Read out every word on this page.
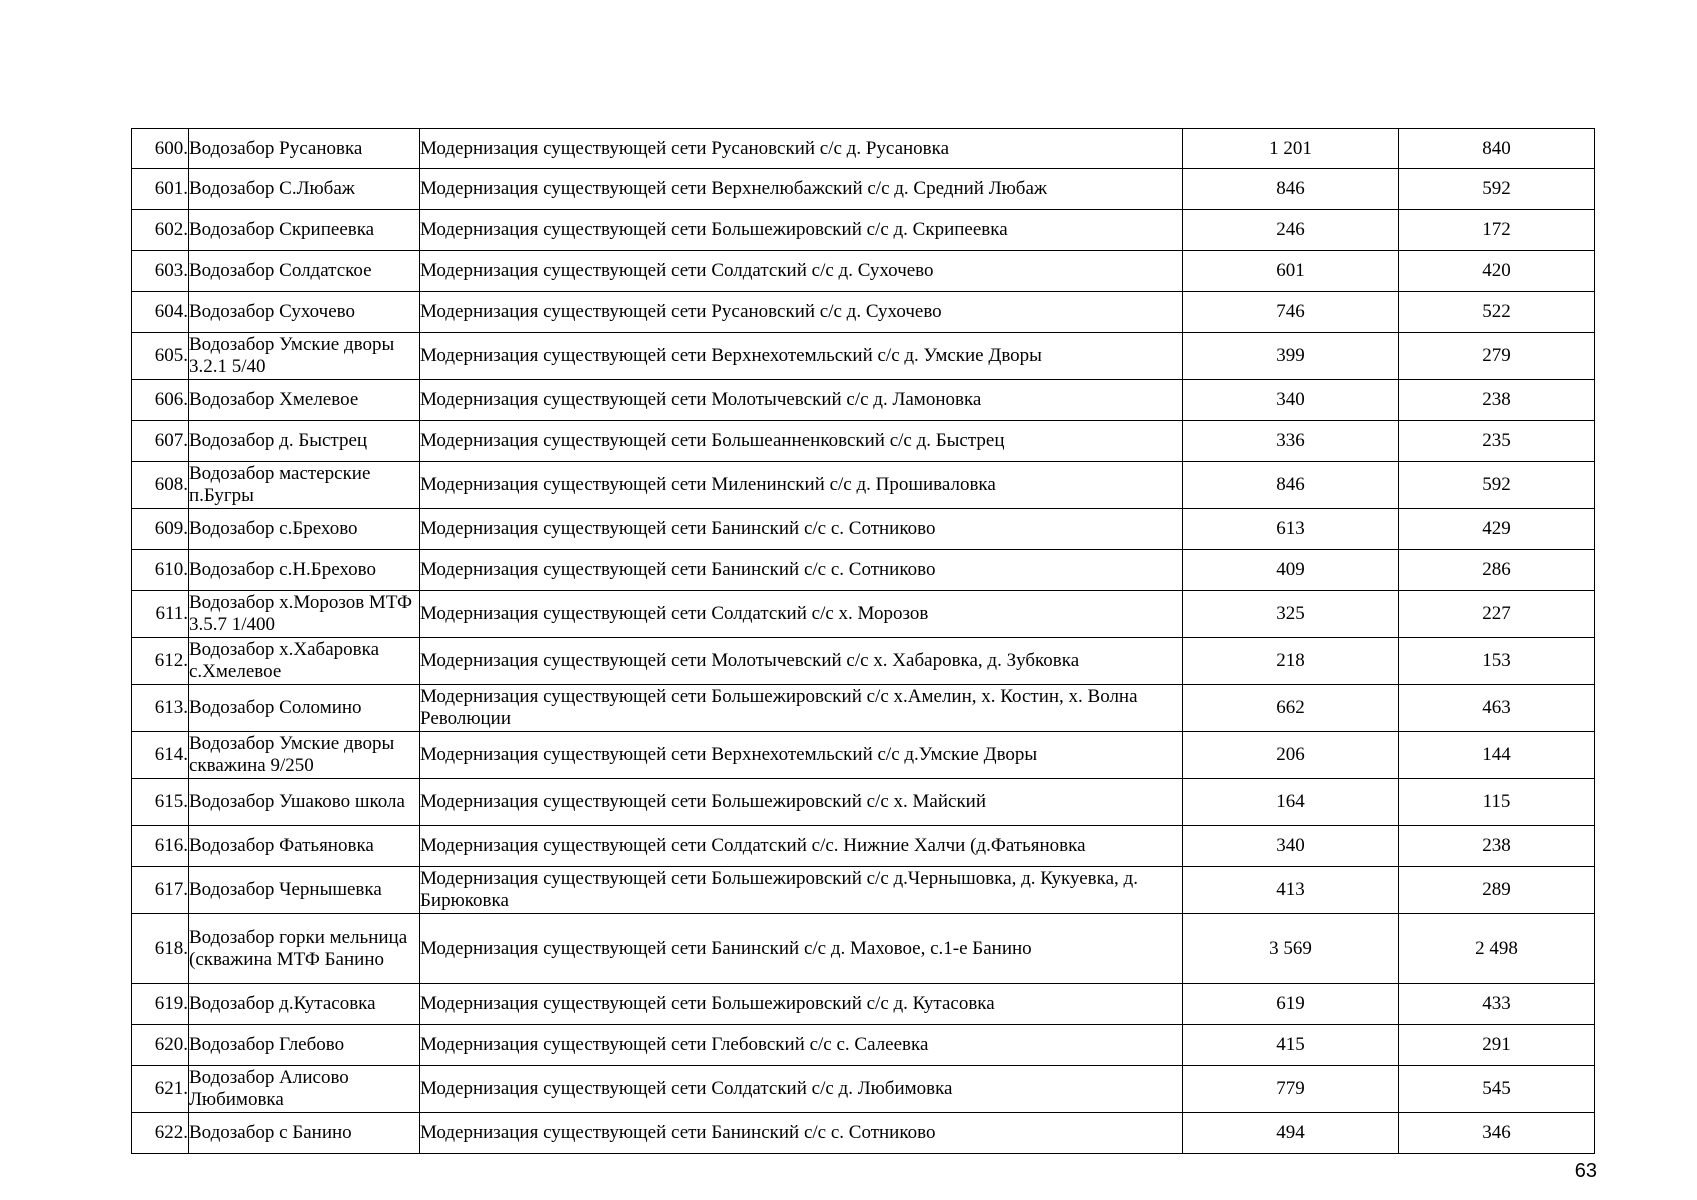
600.	Водозабор Русановка	Модернизация существующей сети Русановский с/с д. Русановка	1 201	840
601.	Водозабор С.Любаж	Модернизация существующей сети Верхнелюбажский с/с д. Средний Любаж	846	592
602.	Водозабор Скрипеевка	Модернизация существующей сети Большежировский с/с д. Скрипеевка	246	172
603.	Водозабор Солдатское	Модернизация существующей сети Солдатский с/с д. Сухочево	601	420
604.	Водозабор Сухочево	Модернизация существующей сети Русановский с/с д. Сухочево	746	522
605.	Водозабор Умские дворы 3.2.1 5/40	Модернизация существующей сети Верхнехотемльский с/с д. Умские Дворы	399	279
606.	Водозабор Хмелевое	Модернизация существующей сети Молотычевский с/с д. Ламоновка	340	238
607.	Водозабор д. Быстрец	Модернизация существующей сети Большеанненковский с/с д. Быстрец	336	235
608.	Водозабор мастерские п.Бугры	Модернизация существующей сети Миленинский с/с д. Прошиваловка	846	592
609.	Водозабор с.Брехово	Модернизация существующей сети Банинский с/с с. Сотниково	613	429
610.	Водозабор с.Н.Брехово	Модернизация существующей сети Банинский с/с с. Сотниково	409	286
611.	Водозабор х.Морозов МТФ 3.5.7 1/400	Модернизация существующей сети Солдатский с/с х. Морозов	325	227
612.	Водозабор х.Хабаровка с.Хмелевое	Модернизация существующей сети Молотычевский с/с х. Хабаровка, д. Зубковка	218	153
613.	Водозабор Соломино	Модернизация существующей сети Большежировский с/с х.Амелин, х. Костин, х. Волна Революции	662	463
614.	Водозабор Умские дворы скважина 9/250	Модернизация существующей сети Верхнехотемльский с/с д.Умские Дворы	206	144
615.	Водозабор Ушаково школа	Модернизация существующей сети Большежировский с/с х. Майский	164	115
616.	Водозабор Фатьяновка	Модернизация существующей сети Солдатский с/с. Нижние Халчи (д.Фатьяновка	340	238
617.	Водозабор Чернышевка	Модернизация существующей сети Большежировский с/с д.Чернышовка, д. Кукуевка, д. Бирюковка	413	289
618.	Водозабор горки мельница (скважина МТФ Банино	Модернизация существующей сети Банинский с/с д. Маховое, с.1-е Банино	3 569	2 498
619.	Водозабор д.Кутасовка	Модернизация существующей сети Большежировский с/с д. Кутасовка	619	433
620.	Водозабор Глебово	Модернизация существующей сети Глебовский с/с с. Салеевка	415	291
621.	Водозабор Алисово Любимовка	Модернизация существующей сети Солдатский с/с д. Любимовка	779	545
622.	Водозабор с Банино	Модернизация существующей сети Банинский с/с с. Сотниково	494	346
63
